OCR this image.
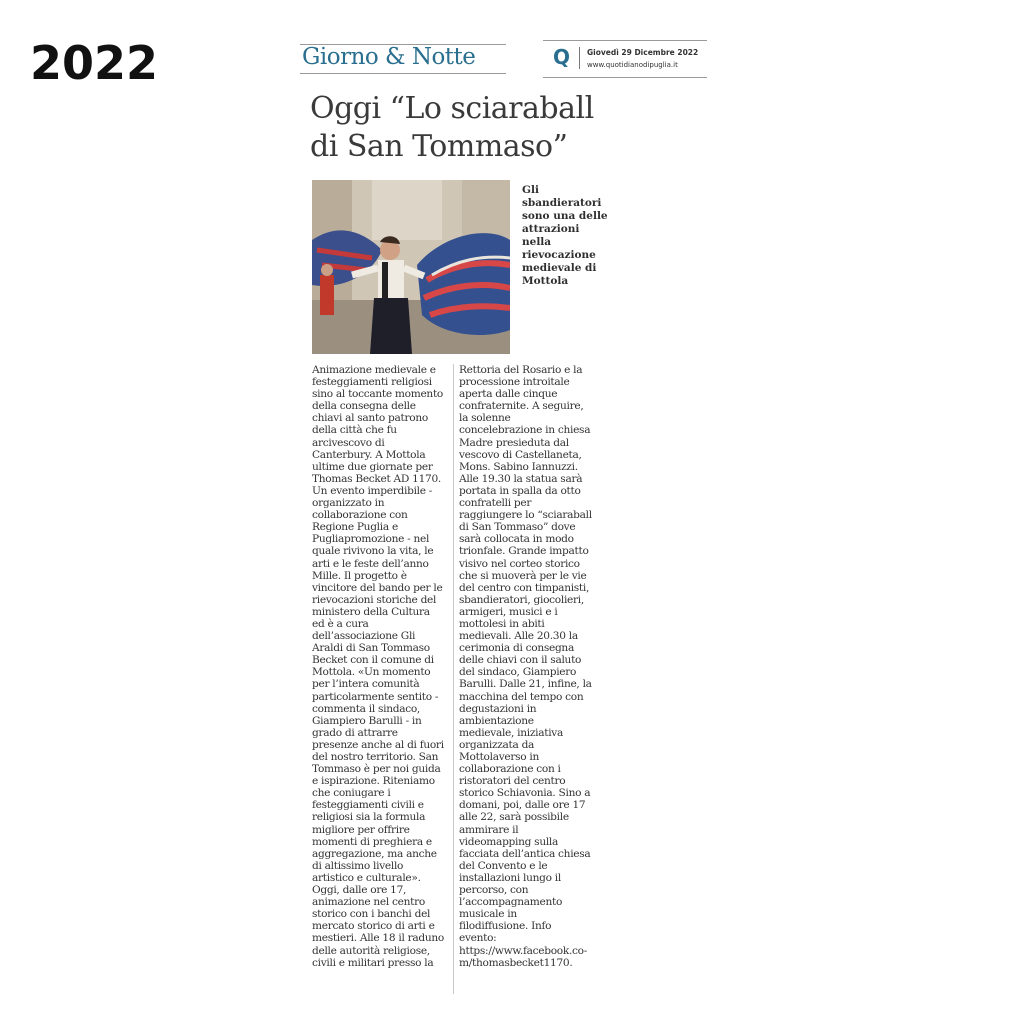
2022	Giorno & Notte	Q	Giovedì 29 Dicembre 2022
www.quotidianodipuglia.it
Oggi “Lo sciaraball
di San Tommaso”
Gli
sbandieratori
sono una delle
attrazioni
nella
rievocazione
medievale di
Mottola
Animazione medievale e
festeggiamenti religiosi
sino al toccante momento
della consegna delle
chiavi al santo patrono
della città che fu
arcivescovo di
Canterbury. A Mottola
ultime due giornate per
Thomas Becket AD 1170.
Un evento imperdibile -
organizzato in
collaborazione con
Regione Puglia e
Pugliapromozione - nel
quale rivivono la vita, le
arti e le feste dell’anno
Mille. Il progetto è
vincitore del bando per le
rievocazioni storiche del
ministero della Cultura
ed è a cura
dell’associazione Gli
Araldi di San Tommaso
Becket con il comune di
Mottola. «Un momento
per l’intera comunità
particolarmente sentito -
commenta il sindaco,
Giampiero Barulli - in
grado di attrarre
presenze anche al di fuori
del nostro territorio. San
Tommaso è per noi guida
e ispirazione. Riteniamo
che coniugare i
festeggiamenti civili e
religiosi sia la formula
migliore per offrire
momenti di preghiera e
aggregazione, ma anche
di altissimo livello
artistico e culturale».
Oggi, dalle ore 17,
animazione nel centro
storico con i banchi del
mercato storico di arti e
mestieri. Alle 18 il raduno
delle autorità religiose,
civili e militari presso la
Rettoria del Rosario e la
processione introitale
aperta dalle cinque
confraternite. A seguire,
la solenne
concelebrazione in chiesa
Madre presieduta dal
vescovo di Castellaneta,
Mons. Sabino Iannuzzi.
Alle 19.30 la statua sarà
portata in spalla da otto
confratelli per
raggiungere lo “sciaraball
di San Tommaso” dove
sarà collocata in modo
trionfale. Grande impatto
visivo nel corteo storico
che si muoverà per le vie
del centro con timpanisti,
sbandieratori, giocolieri,
armigeri, musici e i
mottolesi in abiti
medievali. Alle 20.30 la
cerimonia di consegna
delle chiavi con il saluto
del sindaco, Giampiero
Barulli. Dalle 21, infine, la
macchina del tempo con
degustazioni in
ambientazione
medievale, iniziativa
organizzata da
Mottolaverso in
collaborazione con i
ristoratori del centro
storico Schiavonia. Sino a
domani, poi, dalle ore 17
alle 22, sarà possibile
ammirare il
videomapping sulla
facciata dell’antica chiesa
del Convento e le
installazioni lungo il
percorso, con
l’accompagnamento
musicale in
filodiffusione. Info
evento:
https://www.facebook.co-
m/thomasbecket1170.
